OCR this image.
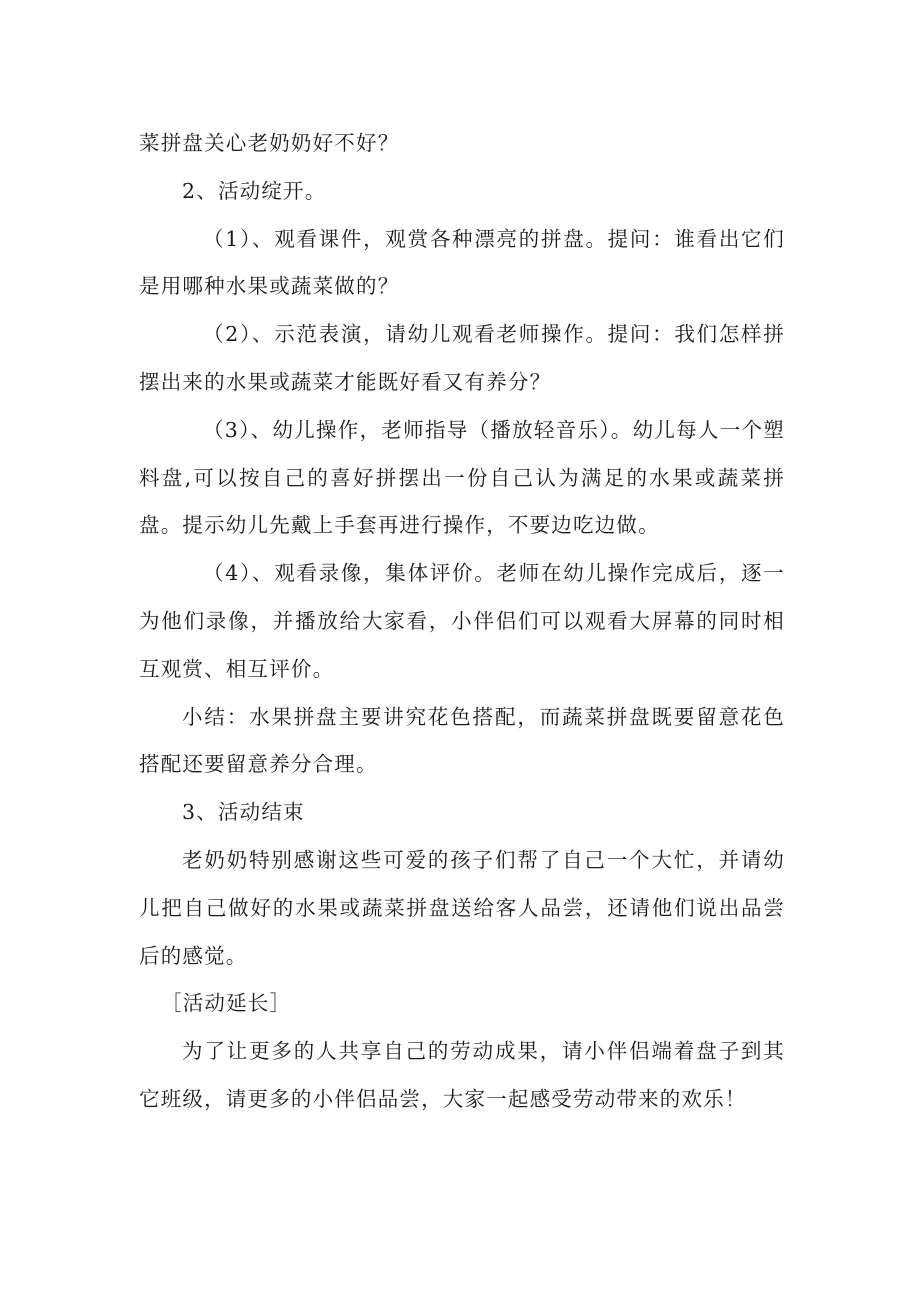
菜拼盘关心老奶奶好不好？

2、活动绽开。

（1）、观看课件，观赏各种漂亮的拼盘。提问：谁看出它们是用哪种水果或蔬菜做的？

（2）、示范表演，请幼儿观看老师操作。提问：我们怎样拼摆出来的水果或蔬菜才能既好看又有养分？

（3）、幼儿操作，老师指导（播放轻音乐）。幼儿每人一个塑料盘,可以按自己的喜好拼摆出一份自己认为满足的水果或蔬菜拼盘。提示幼儿先戴上手套再进行操作，不要边吃边做。

（4）、观看录像，集体评价。老师在幼儿操作完成后，逐一为他们录像，并播放给大家看，小伴侣们可以观看大屏幕的同时相互观赏、相互评价。

小结：水果拼盘主要讲究花色搭配，而蔬菜拼盘既要留意花色搭配还要留意养分合理。

3、活动结束

老奶奶特别感谢这些可爱的孩子们帮了自己一个大忙，并请幼儿把自己做好的水果或蔬菜拼盘送给客人品尝，还请他们说出品尝后的感觉。

［活动延长］

为了让更多的人共享自己的劳动成果，请小伴侣端着盘子到其它班级，请更多的小伴侣品尝，大家一起感受劳动带来的欢乐！
